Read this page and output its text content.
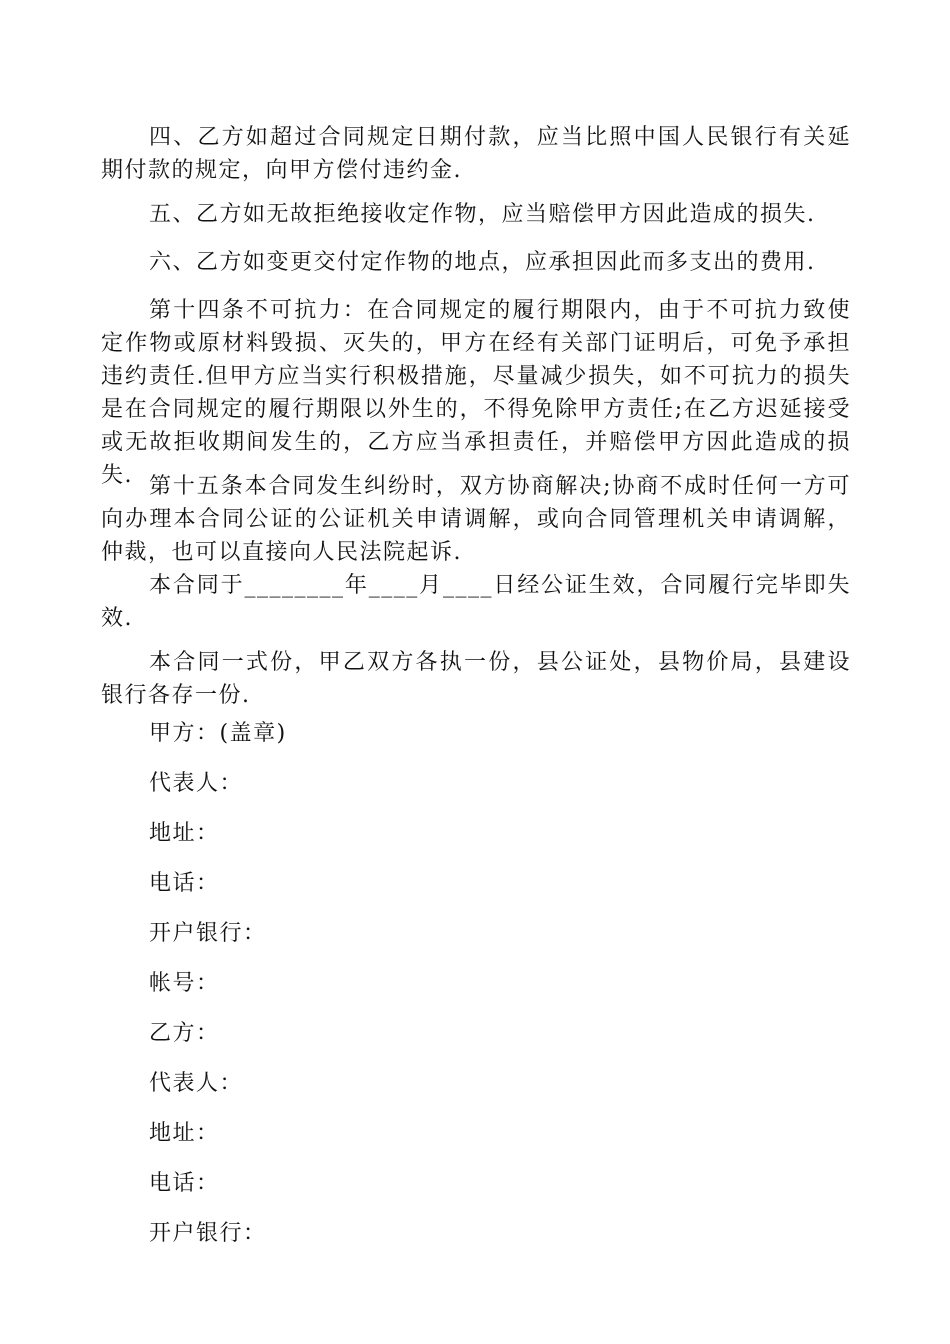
四、乙方如超过合同规定日期付款，应当比照中国人民银行有关延期付款的规定，向甲方偿付违约金.

五、乙方如无故拒绝接收定作物，应当赔偿甲方因此造成的损失.

六、乙方如变更交付定作物的地点，应承担因此而多支出的费用.

第十四条不可抗力：在合同规定的履行期限内，由于不可抗力致使定作物或原材料毁损、灭失的，甲方在经有关部门证明后，可免予承担违约责任.但甲方应当实行积极措施，尽量减少损失，如不可抗力的损失是在合同规定的履行期限以外生的，不得免除甲方责任;在乙方迟延接受或无故拒收期间发生的，乙方应当承担责任，并赔偿甲方因此造成的损失. 第十五条本合同发生纠纷时，双方协商解决;协商不成时任何一方可向办理本合同公证的公证机关申请调解，或向合同管理机关申请调解，仲裁，也可以直接向人民法院起诉.

本合同于________年____月____日经公证生效，合同履行完毕即失效.

本合同一式份，甲乙双方各执一份，县公证处，县物价局，县建设银行各存一份.

甲方：(盖章)

代表人：

地址：

电话：

开户银行：

帐号：

乙方：

代表人：

地址：

电话：

开户银行：
